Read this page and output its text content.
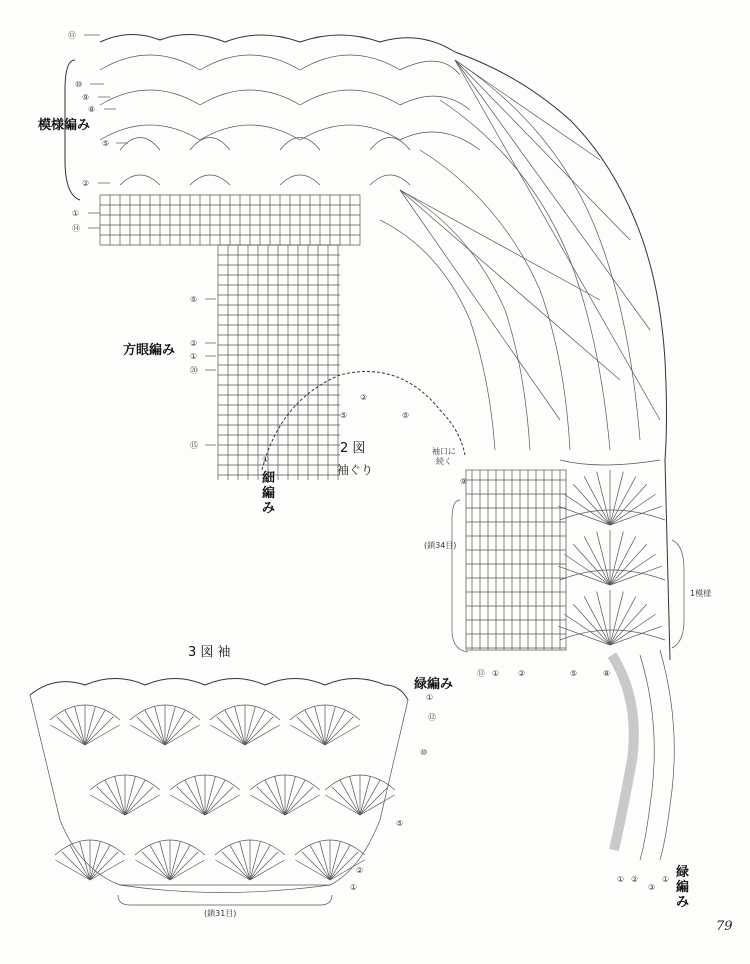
模様編み
方眼編み
2 図
袖ぐり
細
編
み
袖口に
続く
(鎖34目)
1模様
3 図 袖
緑編み
緑
編
み
(鎖31目)
79
⑪
⑩
⑨
⑧
⑤
②
①
⑭
⑤
②
①
⑳
⑮
①
⑤
②
⑤
⑨
⑪ ① ②	⑤	⑧
①
⑫
⑩
⑤
②
①
① ②
③
①
